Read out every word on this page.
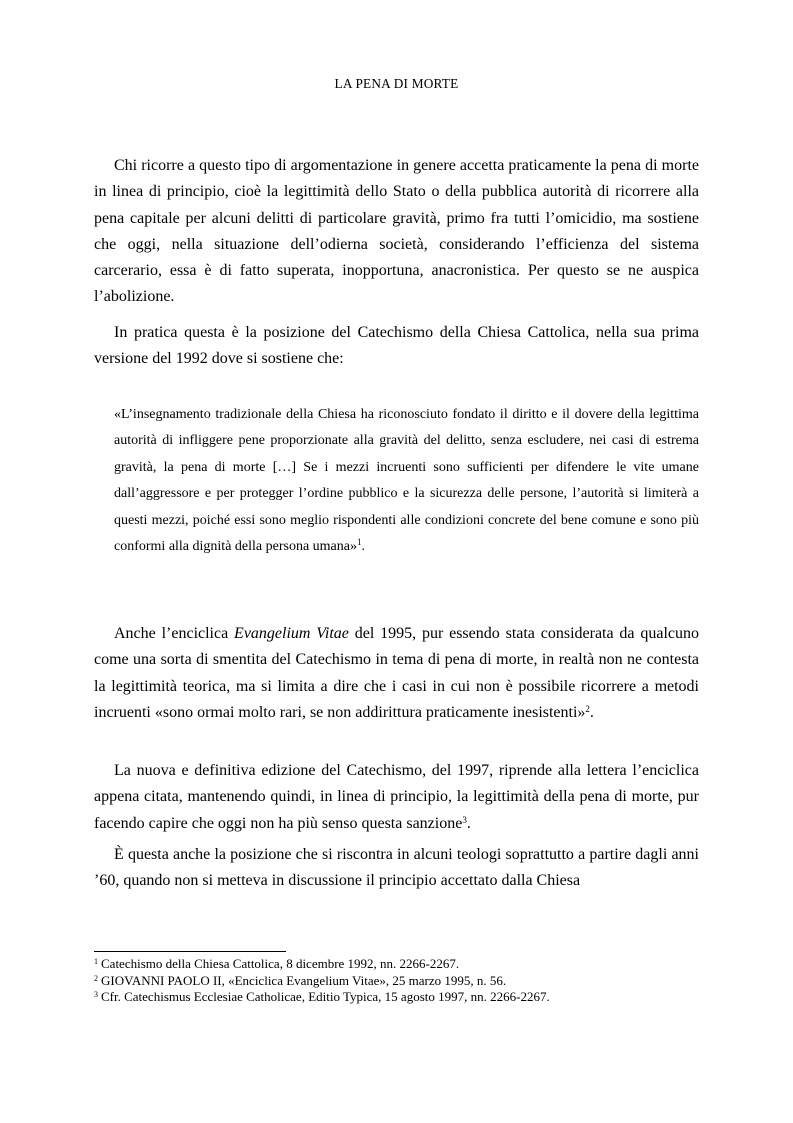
LA PENA DI MORTE

Chi ricorre a questo tipo di argomentazione in genere accetta praticamente la pena di morte in linea di principio, cioè la legittimità dello Stato o della pubblica autorità di ricorrere alla pena capitale per alcuni delitti di particolare gravità, primo fra tutti l’omicidio, ma sostiene che oggi, nella situazione dell’odierna società, considerando l’efficienza del sistema carcerario, essa è di fatto superata, inopportuna, anacronistica. Per questo se ne auspica l’abolizione.

In pratica questa è la posizione del Catechismo della Chiesa Cattolica, nella sua prima versione del 1992 dove si sostiene che:

«L’insegnamento tradizionale della Chiesa ha riconosciuto fondato il diritto e il dovere della legittima autorità di infliggere pene proporzionate alla gravità del delitto, senza escludere, nei casi di estrema gravità, la pena di morte […] Se i mezzi incruenti sono sufficienti per difendere le vite umane dall’aggressore e per protegger l’ordine pubblico e la sicurezza delle persone, l’autorità si limiterà a questi mezzi, poiché essi sono meglio rispondenti alle condizioni concrete del bene comune e sono più conformi alla dignità della persona umana»$^1$.

Anche l’enciclica Evangelium Vitae del 1995, pur essendo stata considerata da qualcuno come una sorta di smentita del Catechismo in tema di pena di morte, in realtà non ne contesta la legittimità teorica, ma si limita a dire che i casi in cui non è possibile ricorrere a metodi incruenti «sono ormai molto rari, se non addirittura praticamente inesistenti»$^2$.

La nuova e definitiva edizione del Catechismo, del 1997, riprende alla lettera l’enciclica appena citata, mantenendo quindi, in linea di principio, la legittimità della pena di morte, pur facendo capire che oggi non ha più senso questa sanzione$^3$.

È questa anche la posizione che si riscontra in alcuni teologi soprattutto a partire dagli anni ’60, quando non si metteva in discussione il principio accettato dalla Chiesa

$^1$ Catechismo della Chiesa Cattolica, 8 dicembre 1992, nn. 2266-2267.
$^2$ GIOVANNI PAOLO II, «Enciclica Evangelium Vitae», 25 marzo 1995, n. 56.
$^3$ Cfr. Catechismus Ecclesiae Catholicae, Editio Typica, 15 agosto 1997, nn. 2266-2267.
